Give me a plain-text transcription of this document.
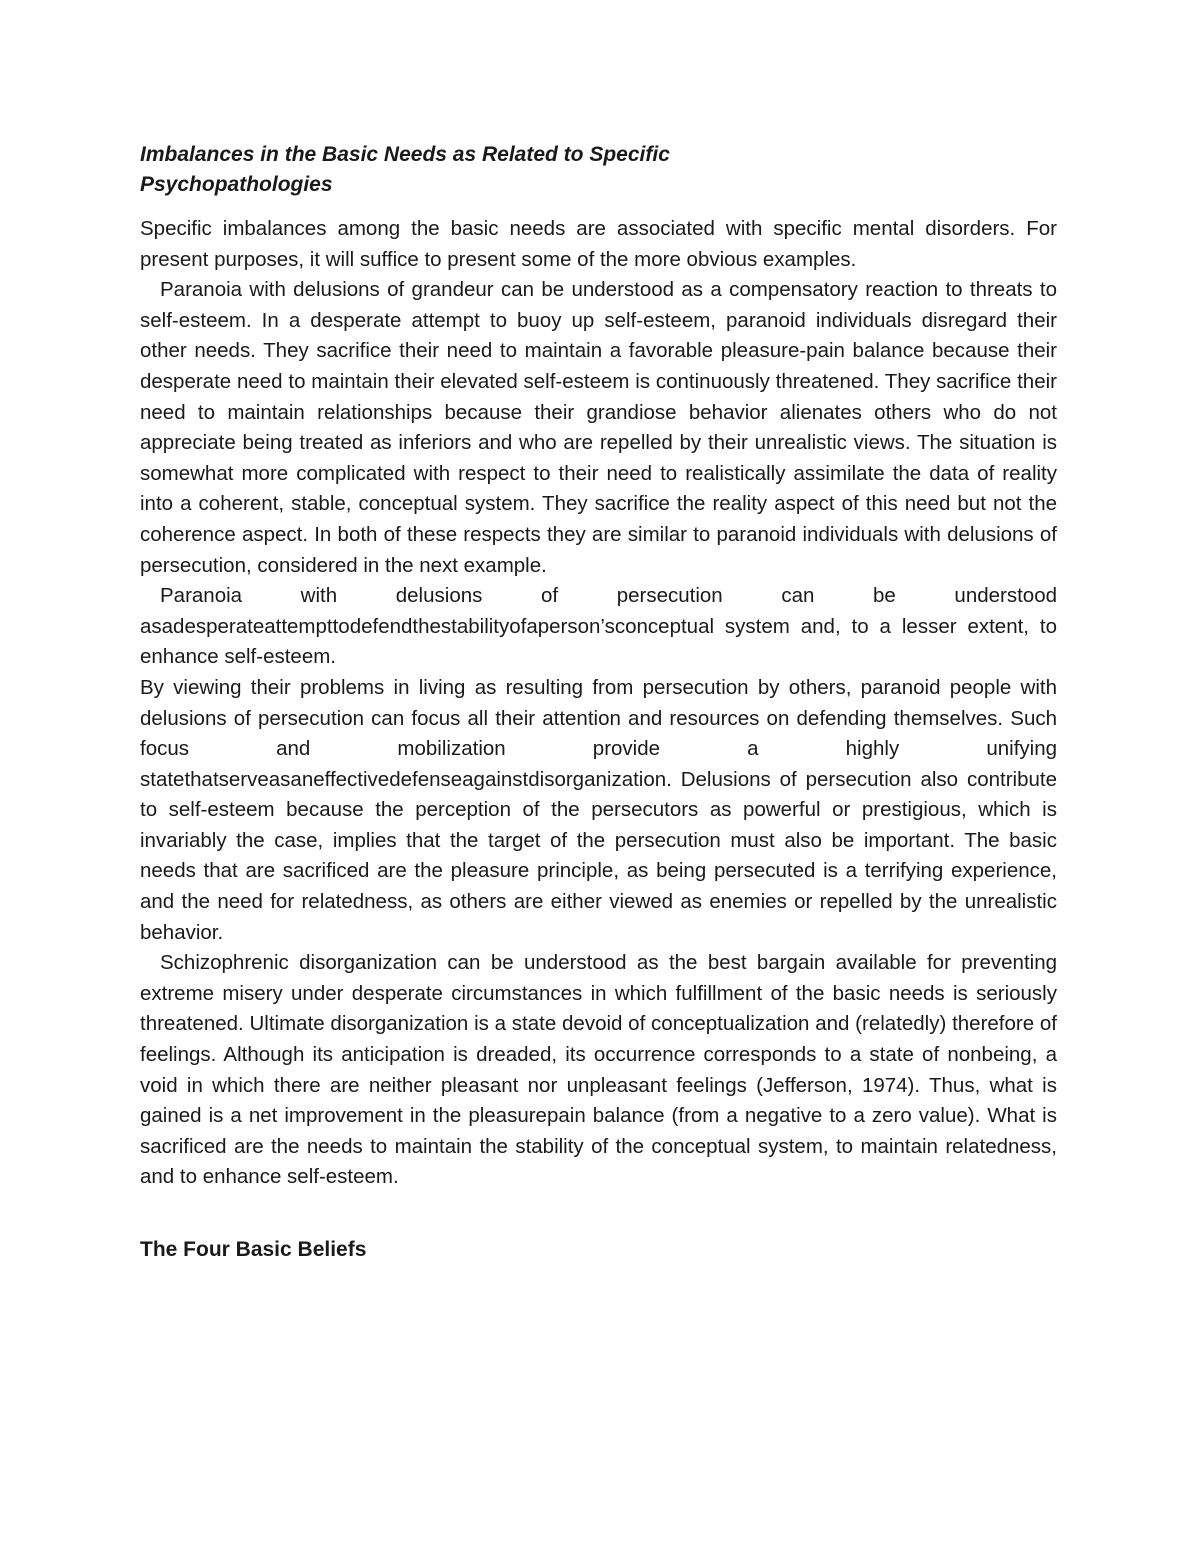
Imbalances in the Basic Needs as Related to Specific Psychopathologies

Specific imbalances among the basic needs are associated with specific mental disorders. For present purposes, it will suffice to present some of the more obvious examples.

Paranoia with delusions of grandeur can be understood as a compensatory reaction to threats to self-esteem. In a desperate attempt to buoy up self-esteem, paranoid individuals disregard their other needs. They sacrifice their need to maintain a favorable pleasure-pain balance because their desperate need to maintain their elevated self-esteem is continuously threatened. They sacrifice their need to maintain relationships because their grandiose behavior alienates others who do not appreciate being treated as inferiors and who are repelled by their unrealistic views. The situation is somewhat more complicated with respect to their need to realistically assimilate the data of reality into a coherent, stable, conceptual system. They sacrifice the reality aspect of this need but not the coherence aspect. In both of these respects they are similar to paranoid individuals with delusions of persecution, considered in the next example.

Paranoia with delusions of persecution can be understood asadesperateattempttodefendthestabilityofaperson’sconceptual system and, to a lesser extent, to enhance self-esteem.

By viewing their problems in living as resulting from persecution by others, paranoid people with delusions of persecution can focus all their attention and resources on defending themselves. Such focus and mobilization provide a highly unifying statethatserveasaneffectivedefenseagainstdisorganization. Delusions of persecution also contribute to self-esteem because the perception of the persecutors as powerful or prestigious, which is invariably the case, implies that the target of the persecution must also be important. The basic needs that are sacrificed are the pleasure principle, as being persecuted is a terrifying experience, and the need for relatedness, as others are either viewed as enemies or repelled by the unrealistic behavior.

Schizophrenic disorganization can be understood as the best bargain available for preventing extreme misery under desperate circumstances in which fulfillment of the basic needs is seriously threatened. Ultimate disorganization is a state devoid of conceptualization and (relatedly) therefore of feelings. Although its anticipation is dreaded, its occurrence corresponds to a state of nonbeing, a void in which there are neither pleasant nor unpleasant feelings (Jefferson, 1974). Thus, what is gained is a net improvement in the pleasurepain balance (from a negative to a zero value). What is sacrificed are the needs to maintain the stability of the conceptual system, to maintain relatedness, and to enhance self-esteem.

The Four Basic Beliefs
